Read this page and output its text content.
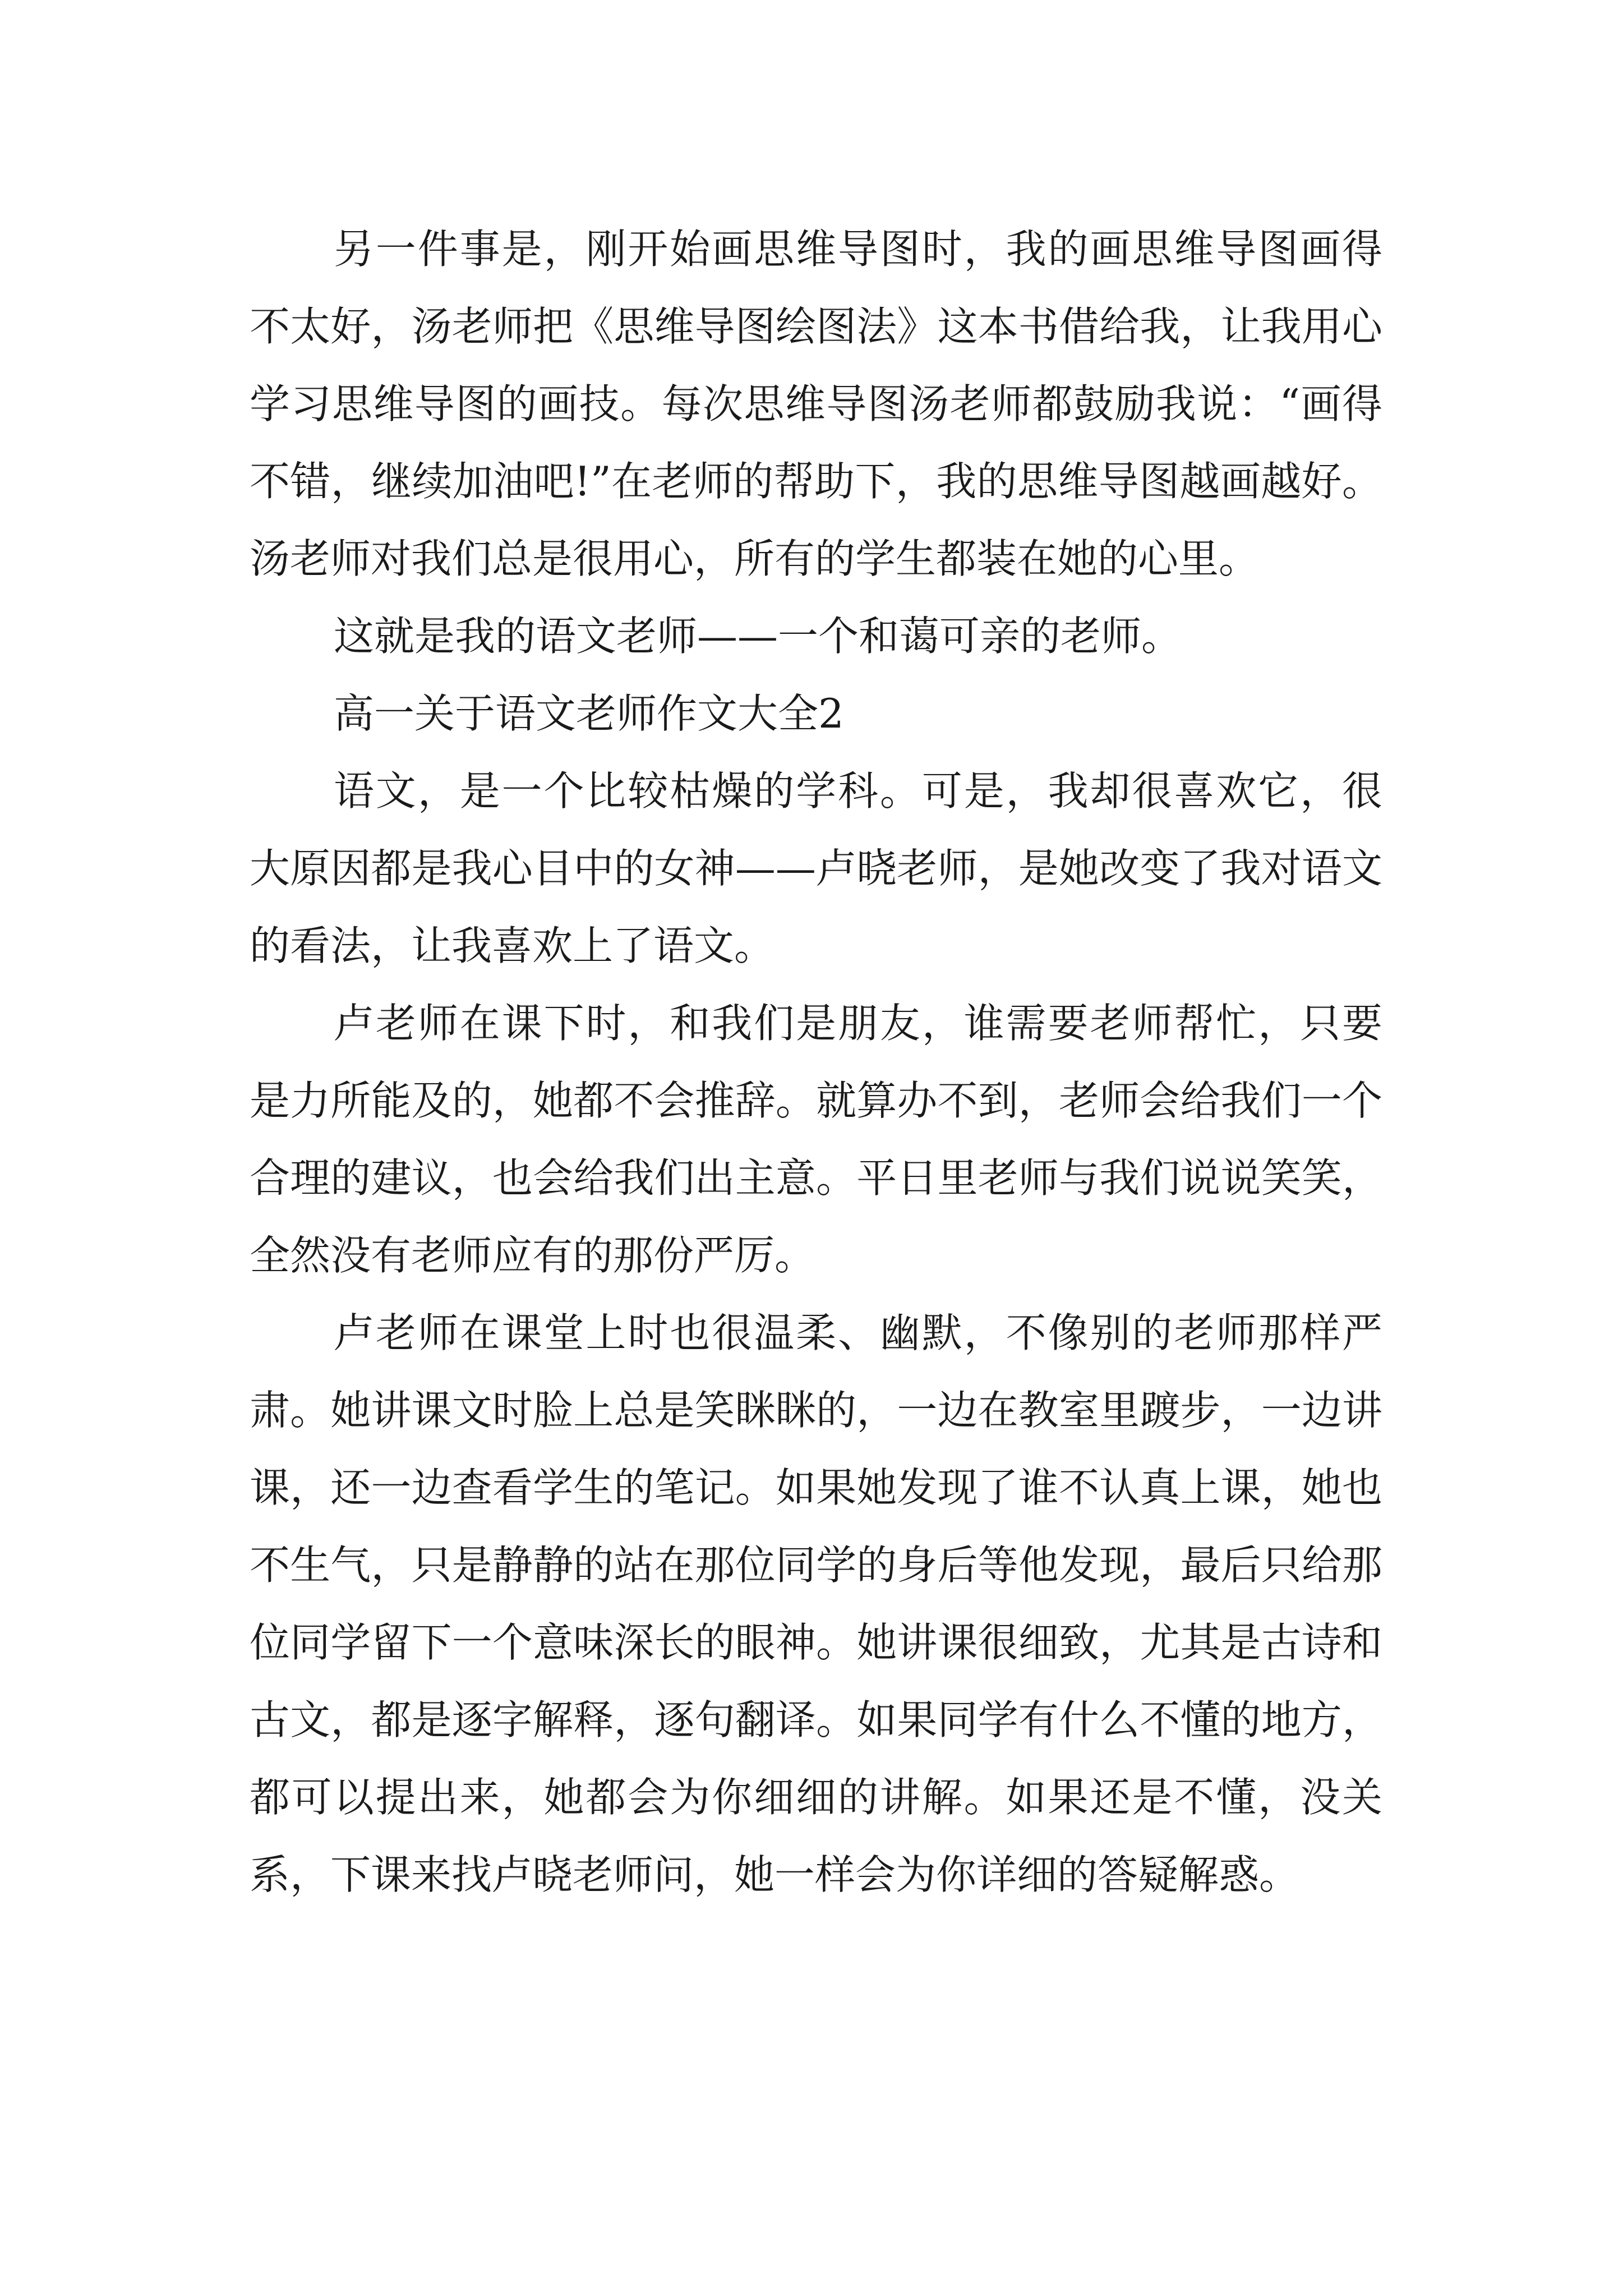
另一件事是，刚开始画思维导图时，我的画思维导图画得不太好，汤老师把《思维导图绘图法》这本书借给我，让我用心学习思维导图的画技。每次思维导图汤老师都鼓励我说：“画得不错，继续加油吧!”在老师的帮助下，我的思维导图越画越好。汤老师对我们总是很用心，所有的学生都装在她的心里。

这就是我的语文老师——一个和蔼可亲的老师。

高一关于语文老师作文大全2

语文，是一个比较枯燥的学科。可是，我却很喜欢它，很大原因都是我心目中的女神——卢晓老师，是她改变了我对语文的看法，让我喜欢上了语文。

卢老师在课下时，和我们是朋友，谁需要老师帮忙，只要是力所能及的，她都不会推辞。就算办不到，老师会给我们一个合理的建议，也会给我们出主意。平日里老师与我们说说笑笑，全然没有老师应有的那份严厉。

卢老师在课堂上时也很温柔、幽默，不像别的老师那样严肃。她讲课文时脸上总是笑眯眯的，一边在教室里踱步，一边讲课，还一边查看学生的笔记。如果她发现了谁不认真上课，她也不生气，只是静静的站在那位同学的身后等他发现，最后只给那位同学留下一个意味深长的眼神。她讲课很细致，尤其是古诗和古文，都是逐字解释，逐句翻译。如果同学有什么不懂的地方，都可以提出来，她都会为你细细的讲解。如果还是不懂，没关系，下课来找卢晓老师问，她一样会为你详细的答疑解惑。
